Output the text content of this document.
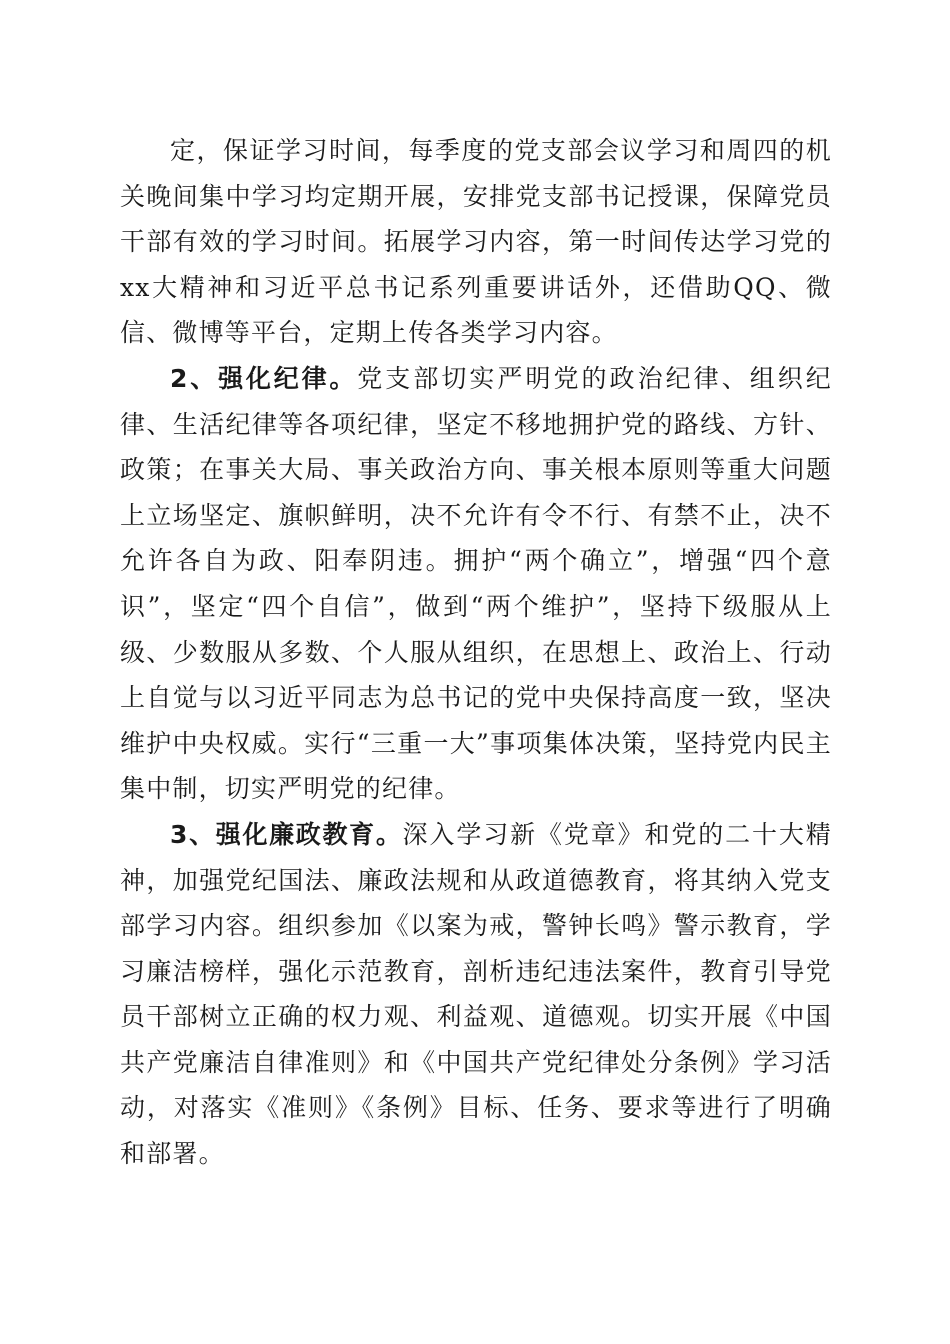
定，保证学习时间，每季度的党支部会议学习和周四的机关晚间集中学习均定期开展，安排党支部书记授课，保障党员干部有效的学习时间。拓展学习内容，第一时间传达学习党的xx大精神和习近平总书记系列重要讲话外，还借助QQ、微信、微博等平台，定期上传各类学习内容。

2、强化纪律。党支部切实严明党的政治纪律、组织纪律、生活纪律等各项纪律，坚定不移地拥护党的路线、方针、政策；在事关大局、事关政治方向、事关根本原则等重大问题上立场坚定、旗帜鲜明，决不允许有令不行、有禁不止，决不允许各自为政、阳奉阴违。拥护“两个确立”，增强“四个意识”，坚定“四个自信”，做到“两个维护”，坚持下级服从上级、少数服从多数、个人服从组织，在思想上、政治上、行动上自觉与以习近平同志为总书记的党中央保持高度一致，坚决维护中央权威。实行“三重一大”事项集体决策，坚持党内民主集中制，切实严明党的纪律。

3、强化廉政教育。深入学习新《党章》和党的二十大精神，加强党纪国法、廉政法规和从政道德教育，将其纳入党支部学习内容。组织参加《以案为戒，警钟长鸣》警示教育，学习廉洁榜样，强化示范教育，剖析违纪违法案件，教育引导党员干部树立正确的权力观、利益观、道德观。切实开展《中国共产党廉洁自律准则》和《中国共产党纪律处分条例》学习活动，对落实《准则》《条例》目标、任务、要求等进行了明确和部署。
